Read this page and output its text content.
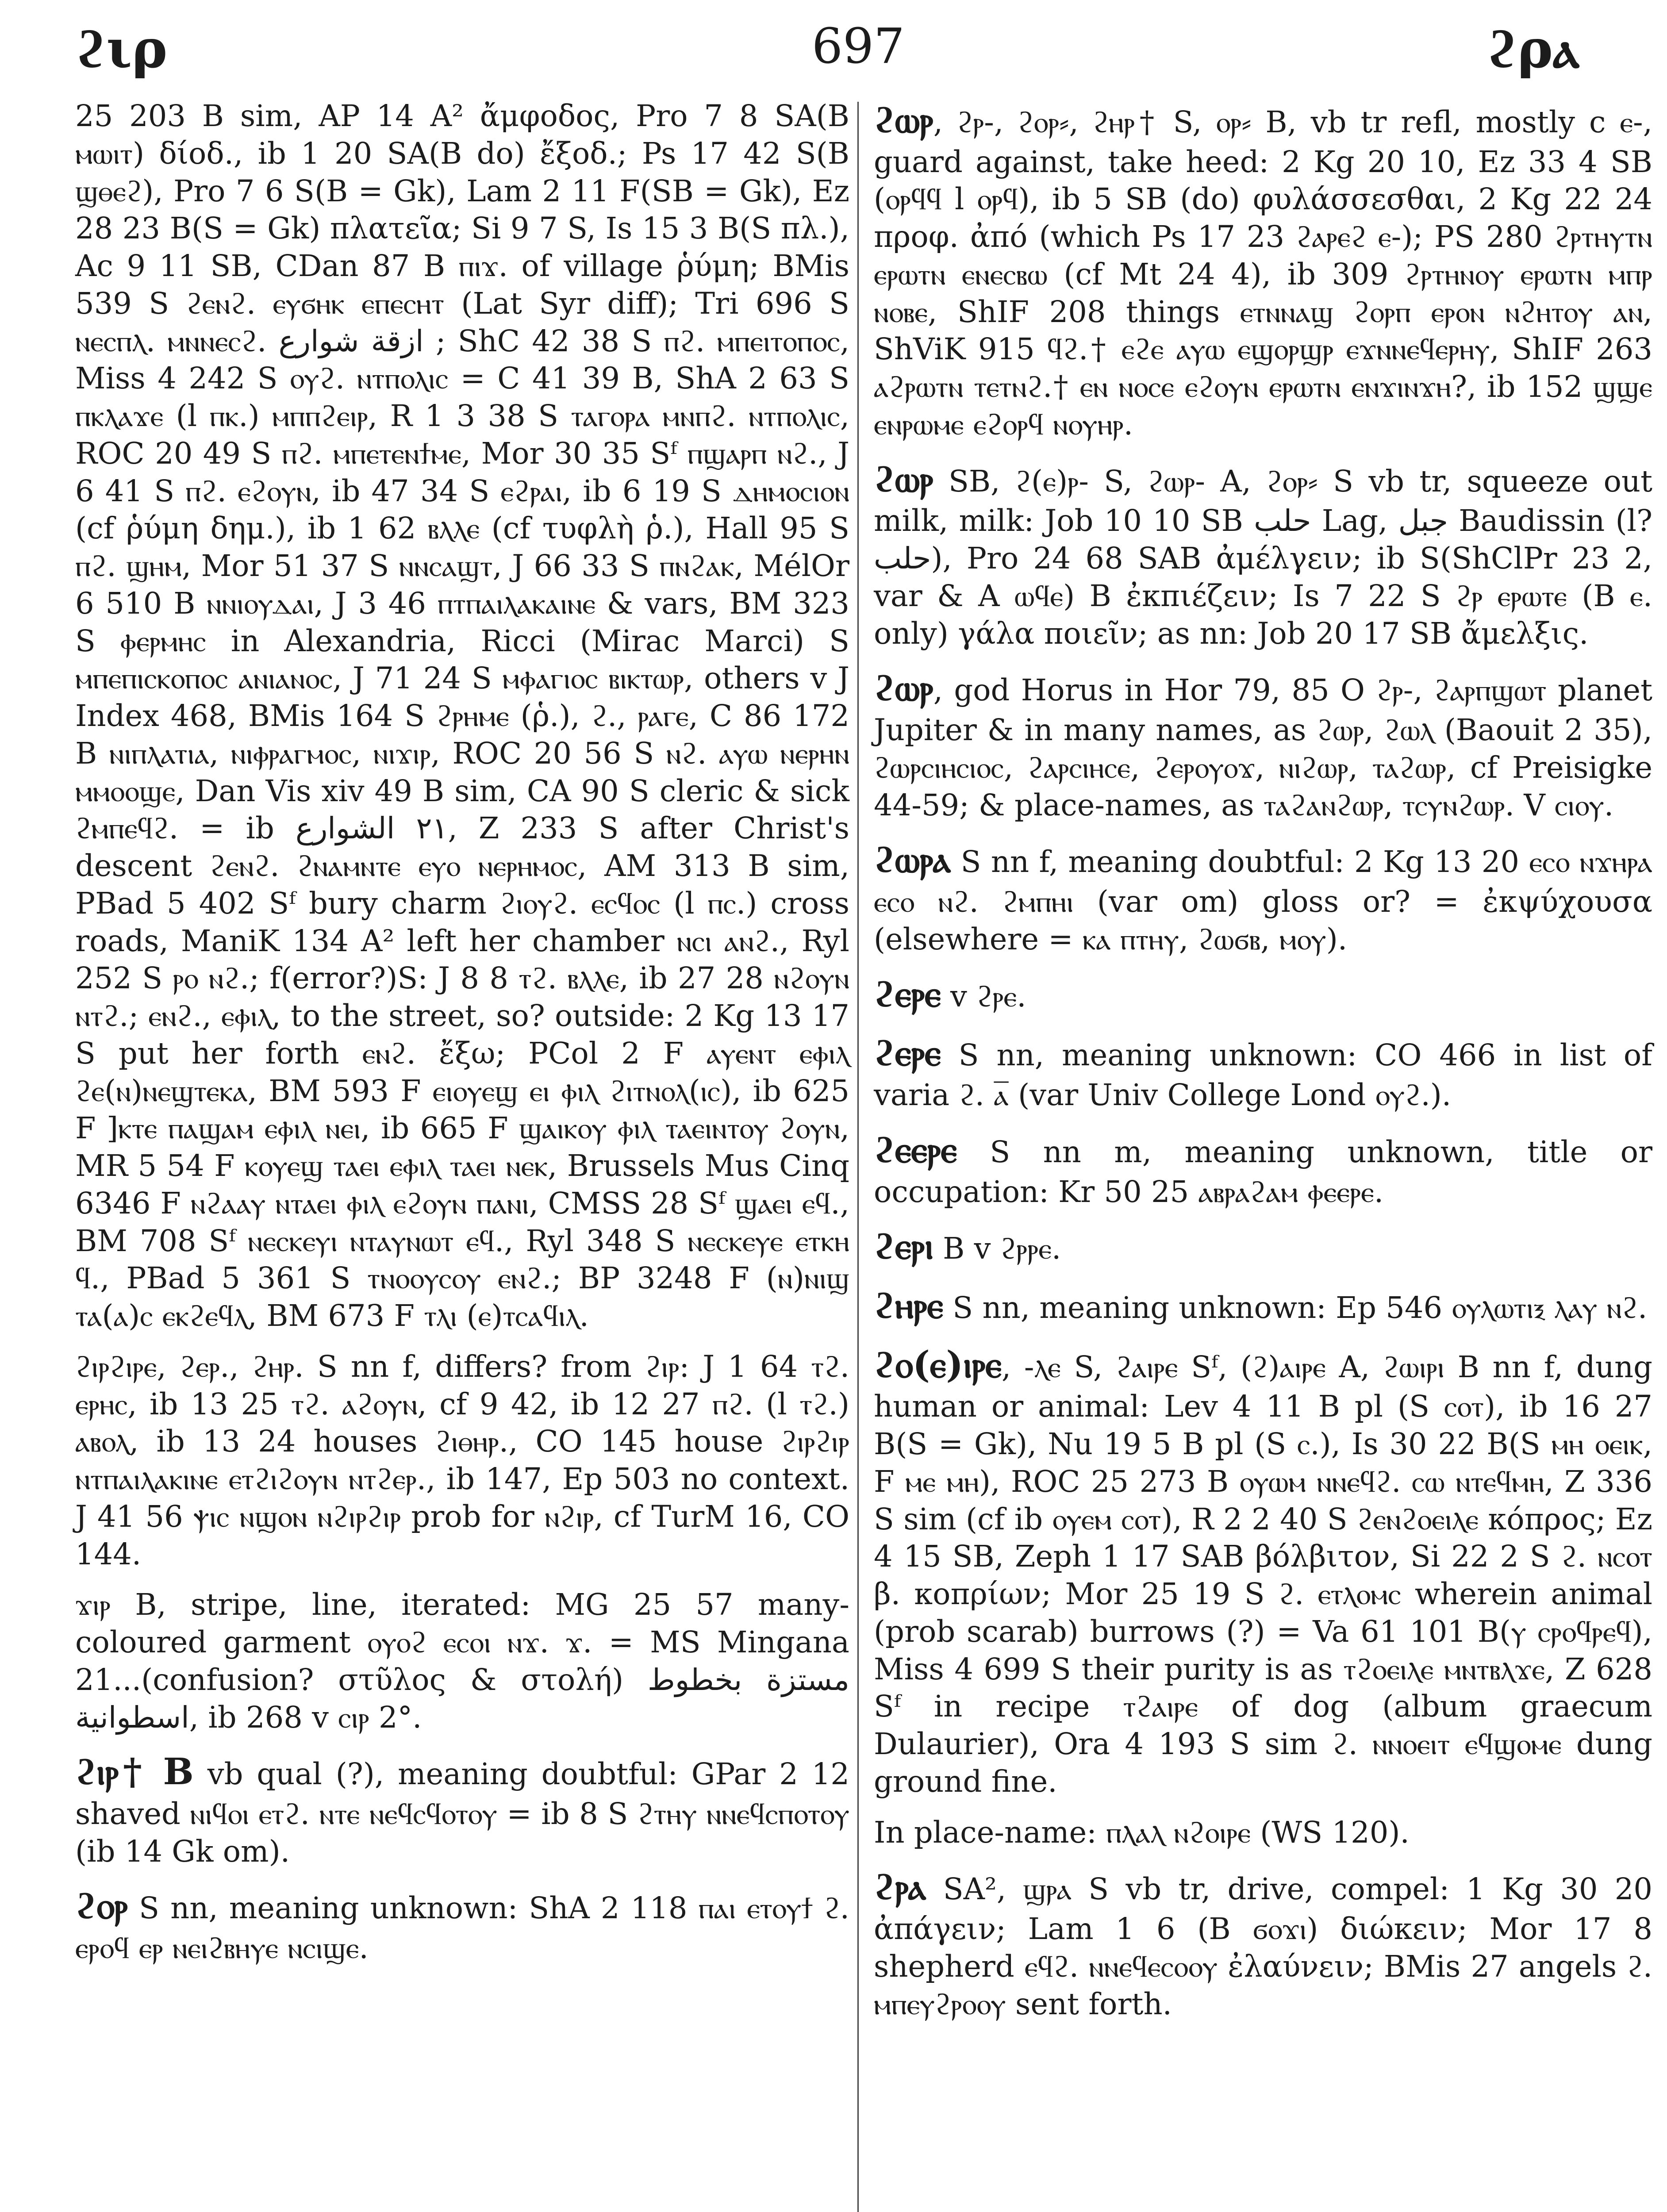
ϩιρ	697	ϩρⲁ

25 203 B sim, AP 14 A² ἄμφοδος, Pro 7 8 SA(B ⲙⲱⲓⲧ) δίοδ., ib 1 20 SA(B do) ἔξοδ.; Ps 17 42 S(B ϣⲑⲉϩ), Pro 7 6 S(B = Gk), Lam 2 11 F(SB = Gk), Ez 28 23 B(S = Gk) πλατεῖα; Si 9 7 S, Is 15 3 B(S πλ.), Ac 9 11 SB, CDan 87 B ⲡⲓϫ. of village ῥύμη; BMis 539 S ϩⲉⲛϩ. ⲉⲩϭⲏⲕ ⲉⲡⲉⲥⲏⲧ (Lat Syr diff); Tri 696 S ⲛⲉⲥⲡⲗ. ⲙⲛⲛⲉⲥϩ. ازقة شوارع ; ShC 42 38 S ⲡϩ. ⲙⲡⲉⲓⲧⲟⲡⲟⲥ, Miss 4 242 S ⲟⲩϩ. ⲛⲧⲡⲟⲗⲓⲥ = C 41 39 B, ShA 2 63 S ⲡⲕⲗⲁϫⲉ (l ⲡⲕ.) ⲙⲡⲡϩⲉⲓⲣ, R 1 3 38 S ⲧⲁⲅⲟⲣⲁ ⲙⲛⲡϩ. ⲛⲧⲡⲟⲗⲓⲥ, ROC 20 49 S ⲡϩ. ⲙⲡⲉⲧⲉⲛϯⲙⲉ, Mor 30 35 Sᶠ ⲡϣⲁⲣⲡ ⲛϩ., J 6 41 S ⲡϩ. ⲉϩⲟⲩⲛ, ib 47 34 S ⲉϩⲣⲁⲓ, ib 6 19 S ⲇⲏⲙⲟⲥⲓⲟⲛ (cf ῥύμη δημ.), ib 1 62 ⲃⲗⲗⲉ (cf τυφλὴ ῥ.), Hall 95 S ⲡϩ. ϣⲏⲙ, Mor 51 37 S ⲛⲛⲥⲁϣⲧ, J 66 33 S ⲡⲛϩⲁⲕ, MélOr 6 510 B ⲛⲛⲓⲟⲩⲇⲁⲓ, J 3 46 ⲡⲧⲡⲁⲓⲗⲁⲕⲁⲓⲛⲉ & vars, BM 323 S ⲫⲉⲣⲙⲏⲥ in Alexandria, Ricci (Mirac Marci) S ⲙⲡⲉⲡⲓⲥⲕⲟⲡⲟⲥ ⲁⲛⲓⲁⲛⲟⲥ, J 71 24 S ⲙⲫⲁⲅⲓⲟⲥ ⲃⲓⲕⲧⲱⲣ, others v J Index 468, BMis 164 S ϩⲣⲏⲙⲉ (ῥ.), ϩ., ⲣⲁⲅⲉ, C 86 172 B ⲛⲓⲡⲗⲁⲧⲓⲁ, ⲛⲓⲫⲣⲁⲅⲙⲟⲥ, ⲛⲓϫⲓⲣ, ROC 20 56 S ⲛϩ. ⲁⲩⲱ ⲛⲉⲣⲏⲛ ⲙⲙⲟⲟϣⲉ, Dan Vis xiv 49 B sim, CA 90 S cleric & sick ϩⲙⲡⲉϥϩ. = ib ٢١ الشوارع, Z 233 S after Christ's descent ϩⲉⲛϩ. ϩⲛⲁⲙⲛⲧⲉ ⲉⲩⲟ ⲛⲉⲣⲏⲙⲟⲥ, AM 313 B sim, PBad 5 402 Sᶠ bury charm ϩⲓⲟⲩϩ. ⲉⲥϥⲟⲥ (l ⲡⲥ.) cross roads, ManiK 134 A² left her chamber ⲛⲥⲓ ⲁⲛϩ., Ryl 252 S ⲣⲟ ⲛϩ.; f(error?)S: J 8 8 ⲧϩ. ⲃⲗⲗⲉ, ib 27 28 ⲛϩⲟⲩⲛ ⲛⲧϩ.; ⲉⲛϩ., ⲉⲫⲓⲗ, to the street, so? outside: 2 Kg 13 17 S put her forth ⲉⲛϩ. ἔξω; PCol 2 F ⲁⲩⲉⲛⲧ ⲉⲫⲓⲗ ϩⲉ(ⲛ)ⲛⲉϣⲧⲉⲕⲁ, BM 593 F ⲉⲓⲟⲩⲉϣ ⲉⲓ ⲫⲓⲗ ϩⲓⲧⲛⲟⲗ(ⲓⲥ), ib 625 F ]ⲕⲧⲉ ⲡⲁϣⲁⲙ ⲉⲫⲓⲗ ⲛⲉⲓ, ib 665 F ϣⲁⲓⲕⲟⲩ ⲫⲓⲗ ⲧⲁⲉⲓⲛⲧⲟⲩ ϩⲟⲩⲛ, MR 5 54 F ⲕⲟⲩⲉϣ ⲧⲁⲉⲓ ⲉⲫⲓⲗ ⲧⲁⲉⲓ ⲛⲉⲕ, Brussels Mus Cinq 6346 F ⲛϩⲁⲁⲩ ⲛⲧⲁⲉⲓ ⲫⲓⲗ ⲉϩⲟⲩⲛ ⲡⲁⲛⲓ, CMSS 28 Sᶠ ϣⲁⲉⲓ ⲉϥ., BM 708 Sᶠ ⲛⲉⲥⲕⲉⲩⲓ ⲛⲧⲁⲩⲛⲱⲧ ⲉϥ., Ryl 348 S ⲛⲉⲥⲕⲉⲩⲉ ⲉⲧⲕⲏ ϥ., PBad 5 361 S ⲧⲛⲟⲟⲩⲥⲟⲩ ⲉⲛϩ.; BP 3248 F (ⲛ)ⲛⲓϣ ⲧⲁ(ⲁ)ⲥ ⲉⲕϩⲉϥⲗ, BM 673 F ⲧⲗⲓ (ⲉ)ⲧⲥⲁϥⲓⲗ.

ϩⲓⲣϩⲓⲣⲉ, ϩⲉⲣ., ϩⲏⲣ. S nn f, differs? from ϩⲓⲣ: J 1 64 ⲧϩ. ⲉⲣⲏⲥ, ib 13 25 ⲧϩ. ⲁϩⲟⲩⲛ, cf 9 42, ib 12 27 ⲡϩ. (l ⲧϩ.) ⲁⲃⲟⲗ, ib 13 24 houses ϩⲓⲑⲏⲣ., CO 145 house ϩⲓⲣϩⲓⲣ ⲛⲧⲡⲁⲓⲗⲁⲕⲓⲛⲉ ⲉⲧϩⲓϩⲟⲩⲛ ⲛⲧϩⲉⲣ., ib 147, Ep 503 no context. J 41 56 ⲯⲓⲥ ⲛϣⲟⲛ ⲛϩⲓⲣϩⲓⲣ prob for ⲛϩⲓⲣ, cf TurM 16, CO 144.

ϫⲓⲣ B, stripe, line, iterated: MG 25 57 many-coloured garment ⲟⲩⲟϩ ⲉⲥⲟⲓ ⲛϫ. ϫ. = MS Mingana 21...(confusion? στῦλος & στολή) مستزة بخطوط اسطوانية, ib 268 v ⲥⲓⲣ 2°.

ϩⲓⲣ† B vb qual (?), meaning doubtful: GPar 2 12 shaved ⲛⲓϥⲟⲓ ⲉⲧϩ. ⲛⲧⲉ ⲛⲉϥⲥϥⲟⲧⲟⲩ = ib 8 S ϩⲧⲏⲩ ⲛⲛⲉϥⲥⲡⲟⲧⲟⲩ (ib 14 Gk om).

ϩⲟⲣ S nn, meaning unknown: ShA 2 118 ⲡⲁⲓ ⲉⲧⲟⲩϯ ϩ. ⲉⲣⲟϥ ⲉⲣ ⲛⲉⲓϩⲃⲏⲩⲉ ⲛⲥⲓϣⲉ.

ϩⲱⲣ, ϩⲣ-, ϩⲟⲣ⸗, ϩⲏⲣ† S, ⲟⲣ⸗ B, vb tr refl, mostly c ⲉ-, guard against, take heed: 2 Kg 20 10, Ez 33 4 SB (ⲟⲣϥϥ l ⲟⲣϥ), ib 5 SB (do) φυλάσσεσθαι, 2 Kg 22 24 προφ. ἀπό (which Ps 17 23 ϩⲁⲣⲉϩ ⲉ-); PS 280 ϩⲣⲧⲏⲩⲧⲛ ⲉⲣⲱⲧⲛ ⲉⲛⲉⲥⲃⲱ (cf Mt 24 4), ib 309 ϩⲣⲧⲏⲛⲟⲩ ⲉⲣⲱⲧⲛ ⲙⲡⲣ ⲛⲟⲃⲉ, ShIF 208 things ⲉⲧⲛⲛⲁϣ ϩⲟⲣⲡ ⲉⲣⲟⲛ ⲛϩⲏⲧⲟⲩ ⲁⲛ, ShViK 915 ϥϩ.† ⲉϩⲉ ⲁⲩⲱ ⲉϣⲟⲣϣⲣ ⲉϫⲛⲛⲉϥⲉⲣⲏⲩ, ShIF 263 ⲁϩⲣⲱⲧⲛ ⲧⲉⲧⲛϩ.† ⲉⲛ ⲛⲟⲥⲉ ⲉϩⲟⲩⲛ ⲉⲣⲱⲧⲛ ⲉⲛϫⲓⲛϫⲏ?, ib 152 ϣϣⲉ ⲉⲛⲣⲱⲙⲉ ⲉϩⲟⲣϥ ⲛⲟⲩⲏⲣ.

ϩⲱⲣ SB, ϩ(ⲉ)ⲣ- S, ϩⲱⲣ- A, ϩⲟⲣ⸗ S vb tr, squeeze out milk, milk: Job 10 10 SB حلب Lag, جبل Baudissin (l? حلب), Pro 24 68 SAB ἀμέλγειν; ib S(ShClPr 23 2, var & A ⲱϥⲉ) B ἐκπιέζειν; Is 7 22 S ϩⲣ ⲉⲣⲱⲧⲉ (B ⲉ. only) γάλα ποιεῖν; as nn: Job 20 17 SB ἄμελξις.

ϩⲱⲣ, god Horus in Hor 79, 85 O ϩⲣ-, ϩⲁⲣⲡϣⲱⲧ planet Jupiter & in many names, as ϩⲱⲣ, ϩⲱⲗ (Baouit 2 35), ϩⲱⲣⲥⲓⲏⲥⲓⲟⲥ, ϩⲁⲣⲥⲓⲏⲥⲉ, ϩⲉⲣⲟⲩⲟϫ, ⲛⲓϩⲱⲣ, ⲧⲁϩⲱⲣ, cf Preisigke 44-59; & place-names, as ⲧⲁϩⲁⲛϩⲱⲣ, ⲧⲥⲩⲛϩⲱⲣ. V ⲥⲓⲟⲩ.

ϩⲱⲣⲁ S nn f, meaning doubtful: 2 Kg 13 20 ⲉⲥⲟ ⲛϫⲏⲣⲁ ⲉⲥⲟ ⲛϩ. ϩⲙⲡⲏⲓ (var om) gloss or? = ἐκψύχουσα (elsewhere = ⲕⲁ ⲡⲧⲏⲩ, ϩⲱϭⲃ, ⲙⲟⲩ).

ϩⲉⲣⲉ v ϩⲣⲉ.

ϩⲉⲣⲉ S nn, meaning unknown: CO 466 in list of varia ϩ. ⲁ̅ (var Univ College Lond ⲟⲩϩ.).

ϩⲉⲉⲣⲉ S nn m, meaning unknown, title or occupation: Kr 50 25 ⲁⲃⲣⲁϩⲁⲙ ⲫⲉⲉⲣⲉ.

ϩⲉⲣⲓ B v ϩⲣⲣⲉ.

ϩⲏⲣⲉ S nn, meaning unknown: Ep 546 ⲟⲩⲗⲱⲧⲓⲝ ⲗⲁⲩ ⲛϩ.

ϩⲟ(ⲉ)ⲓⲣⲉ, -ⲗⲉ S, ϩⲁⲓⲣⲉ Sᶠ, (ϩ)ⲁⲓⲣⲉ A, ϩⲱⲓⲣⲓ B nn f, dung human or animal: Lev 4 11 B pl (S ⲥⲟⲧ), ib 16 27 B(S = Gk), Nu 19 5 B pl (S ⲥ.), Is 30 22 B(S ⲙⲏ ⲟⲉⲓⲕ, F ⲙⲉ ⲙⲏ), ROC 25 273 B ⲟⲩⲱⲙ ⲛⲛⲉϥϩ. ⲥⲱ ⲛⲧⲉϥⲙⲏ, Z 336 S sim (cf ib ⲟⲩⲉⲙ ⲥⲟⲧ), R 2 2 40 S ϩⲉⲛϩⲟⲉⲓⲗⲉ κόπρος; Ez 4 15 SB, Zeph 1 17 SAB βόλβιτον, Si 22 2 S ϩ. ⲛⲥⲟⲧ β. κοπρίων; Mor 25 19 S ϩ. ⲉⲧⲗⲟⲙⲥ wherein animal (prob scarab) burrows (?) = Va 61 101 B(ⲩ ⲥⲣⲟϥⲣⲉϥ), Miss 4 699 S their purity is as ⲧϩⲟⲉⲓⲗⲉ ⲙⲛⲧⲃⲗϫⲉ, Z 628 Sᶠ in recipe ⲧϩⲁⲓⲣⲉ of dog (album graecum Dulaurier), Ora 4 193 S sim ϩ. ⲛⲛⲟⲉⲓⲧ ⲉϥϣⲟⲙⲉ dung ground fine.

In place-name: ⲡⲗⲁⲗ ⲛϩⲟⲓⲣⲉ (WS 120).

ϩⲣⲁ SA², ϣⲣⲁ S vb tr, drive, compel: 1 Kg 30 20 ἀπάγειν; Lam 1 6 (B ϭⲟϫⲓ) διώκειν; Mor 17 8 shepherd ⲉϥϩ. ⲛⲛⲉϥⲉⲥⲟⲟⲩ ἐλαύνειν; BMis 27 angels ϩ. ⲙⲡⲉⲩϩⲣⲟⲟⲩ sent forth.
